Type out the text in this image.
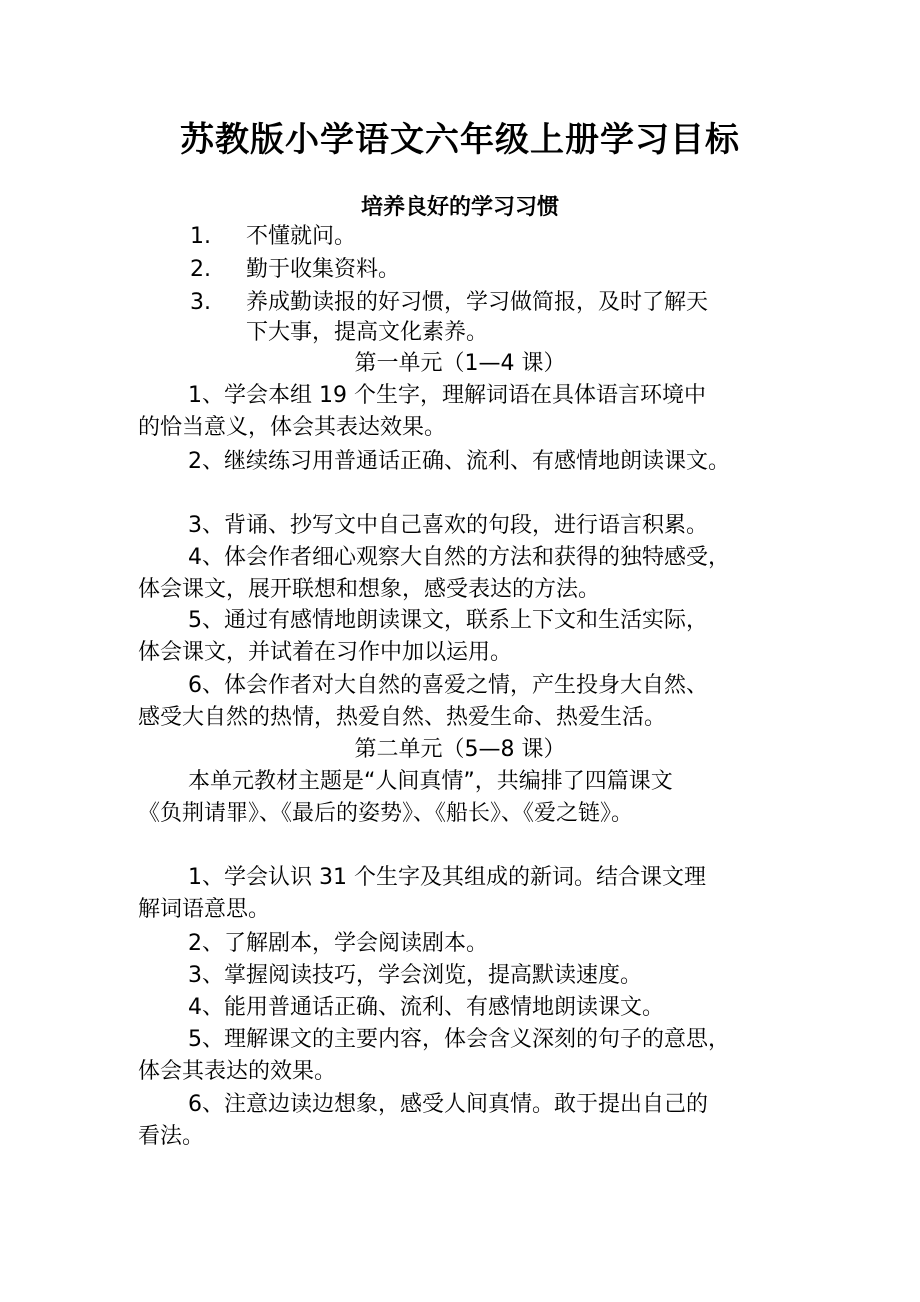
苏教版小学语文六年级上册学习目标
培养良好的学习习惯
1. 不懂就问。
2. 勤于收集资料。
3. 养成勤读报的好习惯，学习做简报，及时了解天
下大事，提高文化素养。
第一单元（1—4 课）
1、学会本组 19 个生字，理解词语在具体语言环境中
的恰当意义，体会其表达效果。
2、继续练习用普通话正确、流利、有感情地朗读课文。
3、背诵、抄写文中自己喜欢的句段，进行语言积累。
4、体会作者细心观察大自然的方法和获得的独特感受，
体会课文，展开联想和想象，感受表达的方法。
5、通过有感情地朗读课文，联系上下文和生活实际，
体会课文，并试着在习作中加以运用。
6、体会作者对大自然的喜爱之情，产生投身大自然、
感受大自然的热情，热爱自然、热爱生命、热爱生活。
第二单元（5—8 课）
本单元教材主题是“人间真情”，共编排了四篇课文
《负荆请罪》、《最后的姿势》、《船长》、《爱之链》。
1、学会认识 31 个生字及其组成的新词。结合课文理
解词语意思。
2、了解剧本，学会阅读剧本。
3、掌握阅读技巧，学会浏览，提高默读速度。
4、能用普通话正确、流利、有感情地朗读课文。
5、理解课文的主要内容，体会含义深刻的句子的意思，
体会其表达的效果。
6、注意边读边想象，感受人间真情。敢于提出自己的
看法。
